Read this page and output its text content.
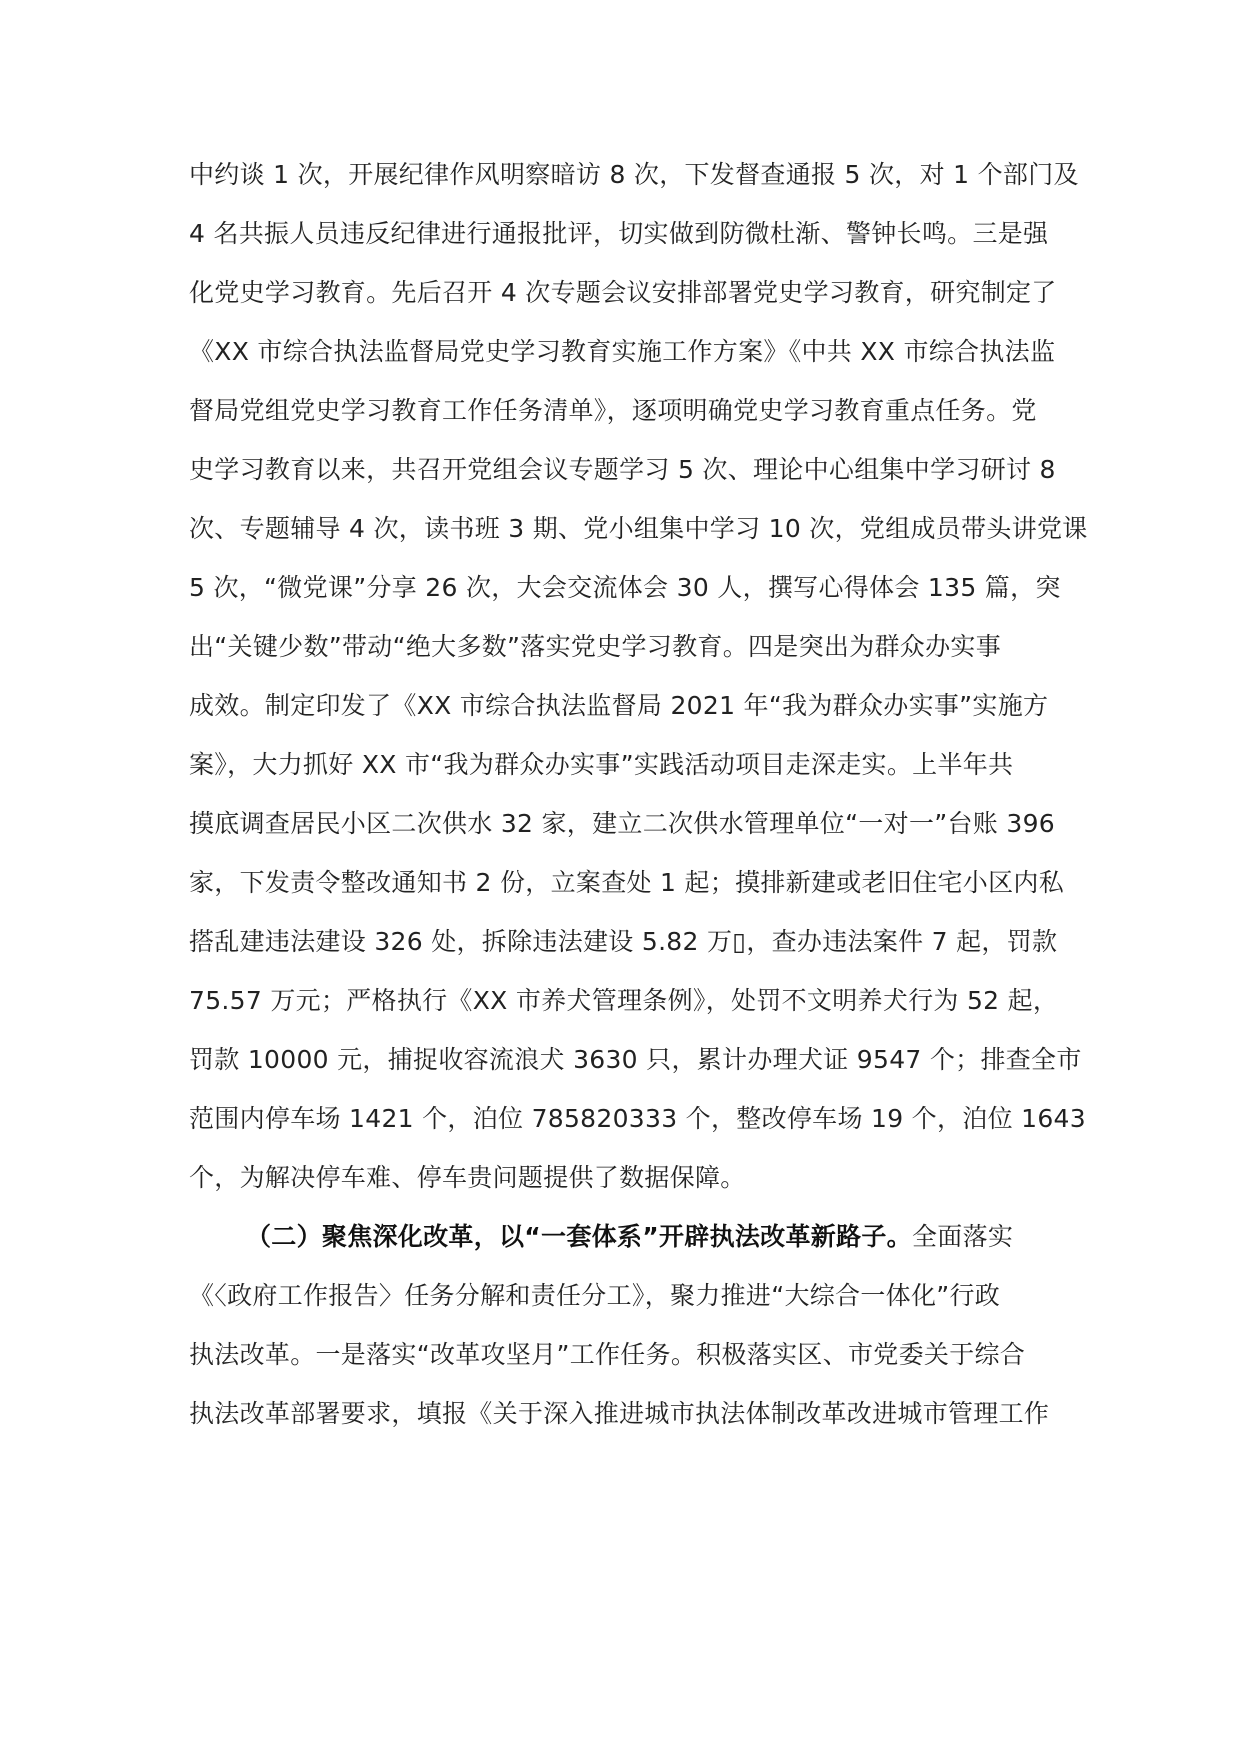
中约谈 1 次，开展纪律作风明察暗访 8 次，下发督查通报 5 次，对 1 个部门及
4 名共振人员违反纪律进行通报批评，切实做到防微杜渐、警钟长鸣。三是强
化党史学习教育。先后召开 4 次专题会议安排部署党史学习教育，研究制定了
《XX 市综合执法监督局党史学习教育实施工作方案》《中共 XX 市综合执法监
督局党组党史学习教育工作任务清单》，逐项明确党史学习教育重点任务。党
史学习教育以来，共召开党组会议专题学习 5 次、理论中心组集中学习研讨 8
次、专题辅导 4 次，读书班 3 期、党小组集中学习 10 次，党组成员带头讲党课
5 次，“微党课”分享 26 次，大会交流体会 30 人，撰写心得体会 135 篇，突
出“关键少数”带动“绝大多数”落实党史学习教育。四是突出为群众办实事
成效。制定印发了《XX 市综合执法监督局 2021 年“我为群众办实事”实施方
案》，大力抓好 XX 市“我为群众办实事”实践活动项目走深走实。上半年共
摸底调查居民小区二次供水 32 家，建立二次供水管理单位“一对一”台账 396
家，下发责令整改通知书 2 份，立案查处 1 起；摸排新建或老旧住宅小区内私
搭乱建违法建设 326 处，拆除违法建设 5.82 万▯，查办违法案件 7 起，罚款
75.57 万元；严格执行《XX 市养犬管理条例》，处罚不文明养犬行为 52 起，
罚款 10000 元，捕捉收容流浪犬 3630 只，累计办理犬证 9547 个；排查全市
范围内停车场 1421 个，泊位 785820333 个，整改停车场 19 个，泊位 1643
个，为解决停车难、停车贵问题提供了数据保障。
（二）聚焦深化改革，以“一套体系”开辟执法改革新路子。全面落实
《〈政府工作报告〉任务分解和责任分工》，聚力推进“大综合一体化”行政
执法改革。一是落实“改革攻坚月”工作任务。积极落实区、市党委关于综合
执法改革部署要求，填报《关于深入推进城市执法体制改革改进城市管理工作
